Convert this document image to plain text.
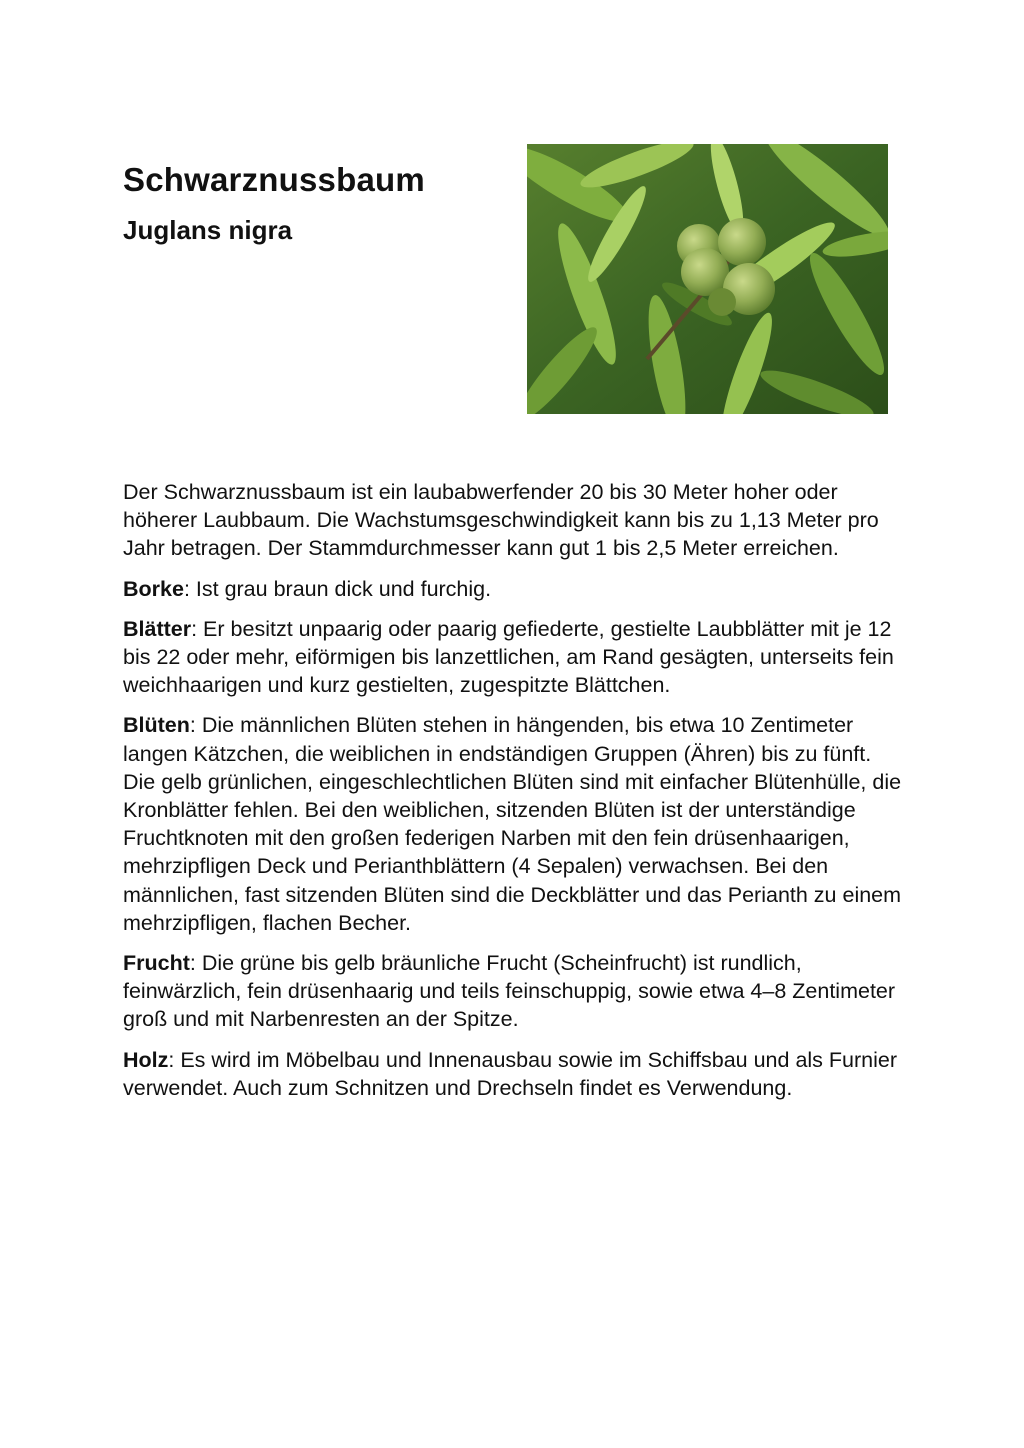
Schwarznussbaum
Juglans nigra

Der Schwarznussbaum ist ein laubabwerfender 20 bis 30 Meter hoher oder höherer Laubbaum. Die Wachstumsgeschwindigkeit kann bis zu 1,13 Meter pro Jahr betragen. Der Stammdurchmesser kann gut 1 bis 2,5 Meter erreichen.

Borke: Ist grau braun dick und furchig.

Blätter: Er besitzt unpaarig oder paarig gefiederte, gestielte Laubblätter mit je 12 bis 22 oder mehr, eiförmigen bis lanzettlichen, am Rand gesägten, unterseits fein weichhaarigen und kurz gestielten, zugespitzte Blättchen.

Blüten: Die männlichen Blüten stehen in hängenden, bis etwa 10 Zentimeter langen Kätzchen, die weiblichen in endständigen Gruppen (Ähren) bis zu fünft. Die gelb grünlichen, eingeschlechtlichen Blüten sind mit einfacher Blütenhülle, die Kronblätter fehlen. Bei den weiblichen, sitzenden Blüten ist der unterständige Fruchtknoten mit den großen federigen Narben mit den fein drüsenhaarigen, mehrzipfligen Deck und Perianthblättern (4 Sepalen) verwachsen. Bei den männlichen, fast sitzenden Blüten sind die Deckblätter und das Perianth zu einem mehrzipfligen, flachen Becher.

Frucht: Die grüne bis gelb bräunliche Frucht (Scheinfrucht) ist rundlich, feinwärzlich, fein drüsenhaarig und teils feinschuppig, sowie etwa 4–8 Zentimeter groß und mit Narbenresten an der Spitze.

Holz: Es wird im Möbelbau und Innenausbau sowie im Schiffsbau und als Furnier verwendet. Auch zum Schnitzen und Drechseln findet es Verwendung.
